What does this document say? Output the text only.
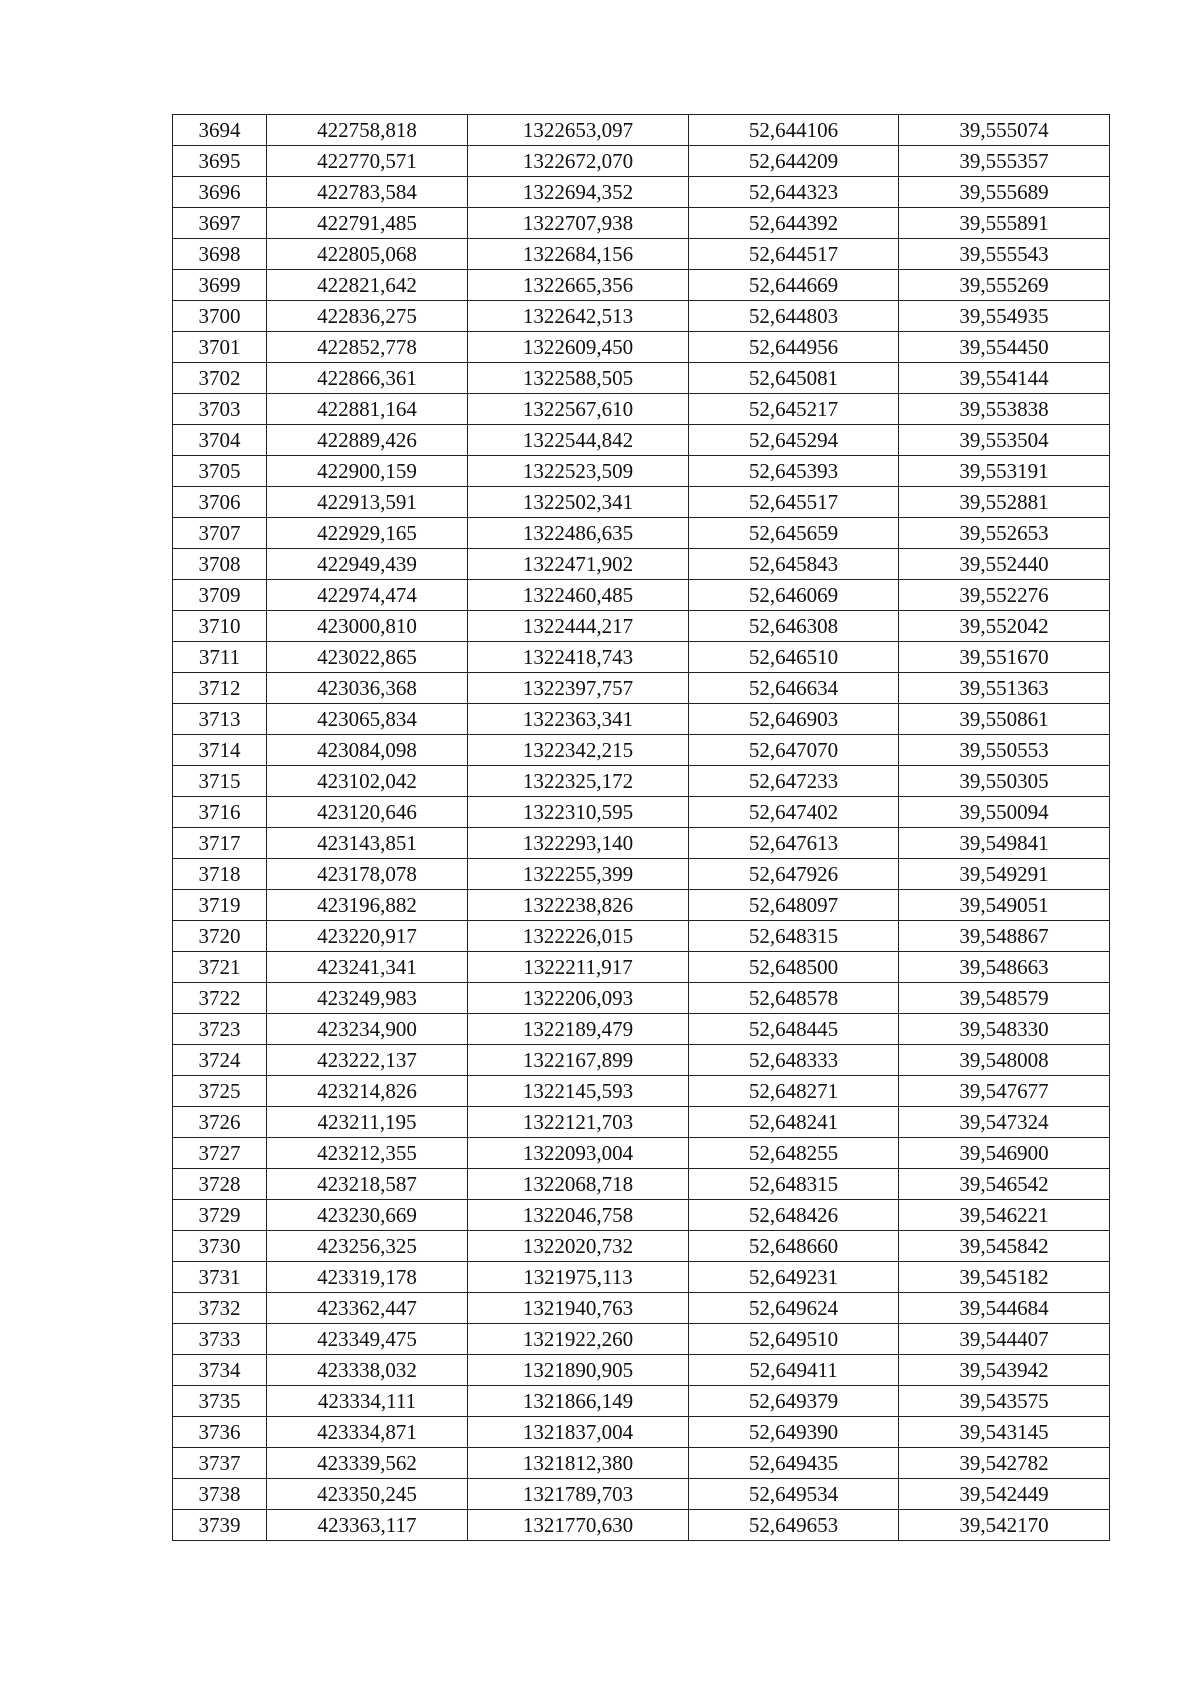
3694	422758,818	1322653,097	52,644106	39,555074
3695	422770,571	1322672,070	52,644209	39,555357
3696	422783,584	1322694,352	52,644323	39,555689
3697	422791,485	1322707,938	52,644392	39,555891
3698	422805,068	1322684,156	52,644517	39,555543
3699	422821,642	1322665,356	52,644669	39,555269
3700	422836,275	1322642,513	52,644803	39,554935
3701	422852,778	1322609,450	52,644956	39,554450
3702	422866,361	1322588,505	52,645081	39,554144
3703	422881,164	1322567,610	52,645217	39,553838
3704	422889,426	1322544,842	52,645294	39,553504
3705	422900,159	1322523,509	52,645393	39,553191
3706	422913,591	1322502,341	52,645517	39,552881
3707	422929,165	1322486,635	52,645659	39,552653
3708	422949,439	1322471,902	52,645843	39,552440
3709	422974,474	1322460,485	52,646069	39,552276
3710	423000,810	1322444,217	52,646308	39,552042
3711	423022,865	1322418,743	52,646510	39,551670
3712	423036,368	1322397,757	52,646634	39,551363
3713	423065,834	1322363,341	52,646903	39,550861
3714	423084,098	1322342,215	52,647070	39,550553
3715	423102,042	1322325,172	52,647233	39,550305
3716	423120,646	1322310,595	52,647402	39,550094
3717	423143,851	1322293,140	52,647613	39,549841
3718	423178,078	1322255,399	52,647926	39,549291
3719	423196,882	1322238,826	52,648097	39,549051
3720	423220,917	1322226,015	52,648315	39,548867
3721	423241,341	1322211,917	52,648500	39,548663
3722	423249,983	1322206,093	52,648578	39,548579
3723	423234,900	1322189,479	52,648445	39,548330
3724	423222,137	1322167,899	52,648333	39,548008
3725	423214,826	1322145,593	52,648271	39,547677
3726	423211,195	1322121,703	52,648241	39,547324
3727	423212,355	1322093,004	52,648255	39,546900
3728	423218,587	1322068,718	52,648315	39,546542
3729	423230,669	1322046,758	52,648426	39,546221
3730	423256,325	1322020,732	52,648660	39,545842
3731	423319,178	1321975,113	52,649231	39,545182
3732	423362,447	1321940,763	52,649624	39,544684
3733	423349,475	1321922,260	52,649510	39,544407
3734	423338,032	1321890,905	52,649411	39,543942
3735	423334,111	1321866,149	52,649379	39,543575
3736	423334,871	1321837,004	52,649390	39,543145
3737	423339,562	1321812,380	52,649435	39,542782
3738	423350,245	1321789,703	52,649534	39,542449
3739	423363,117	1321770,630	52,649653	39,542170
